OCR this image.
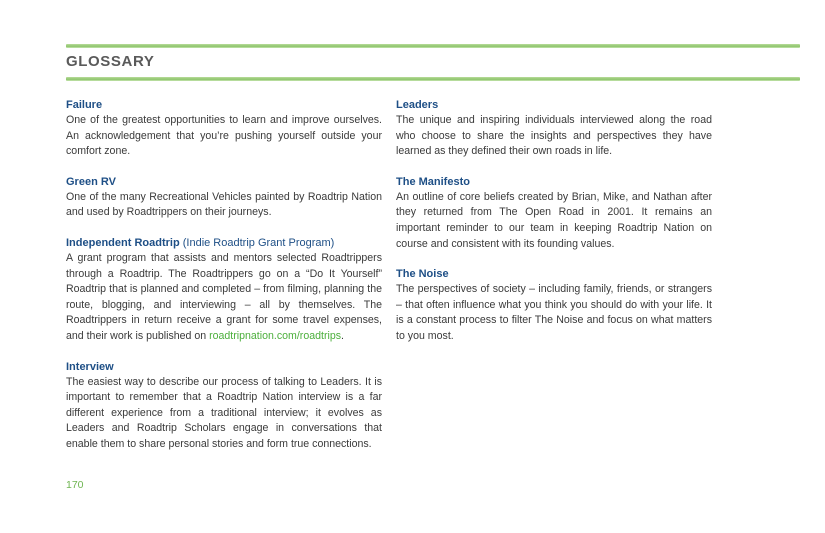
GLOSSARY
Failure

One of the greatest opportunities to learn and improve ourselves. An acknowledgement that you’re pushing yourself outside your comfort zone.

Green RV

One of the many Recreational Vehicles painted by Roadtrip Nation and used by Roadtrippers on their journeys.

Independent Roadtrip (Indie Roadtrip Grant Program)

A grant program that assists and mentors selected Roadtrippers through a Roadtrip. The Roadtrippers go on a “Do It Yourself” Roadtrip that is planned and completed – from filming, planning the route, blogging, and interviewing – all by themselves. The Roadtrippers in return receive a grant for some travel expenses, and their work is published on roadtripnation.com/roadtrips.

Interview

The easiest way to describe our process of talking to Leaders. It is important to remember that a Roadtrip Nation interview is a far different experience from a traditional interview; it evolves as Leaders and Roadtrip Scholars engage in conversations that enable them to share personal stories and form true connections.

Leaders

The unique and inspiring individuals interviewed along the road who choose to share the insights and perspectives they have learned as they defined their own roads in life.

The Manifesto

An outline of core beliefs created by Brian, Mike, and Nathan after they returned from The Open Road in 2001. It remains an important reminder to our team in keeping Roadtrip Nation on course and consistent with its founding values.

The Noise

The perspectives of society – including family, friends, or strangers – that often influence what you think you should do with your life. It is a constant process to filter The Noise and focus on what matters to you most.

170
